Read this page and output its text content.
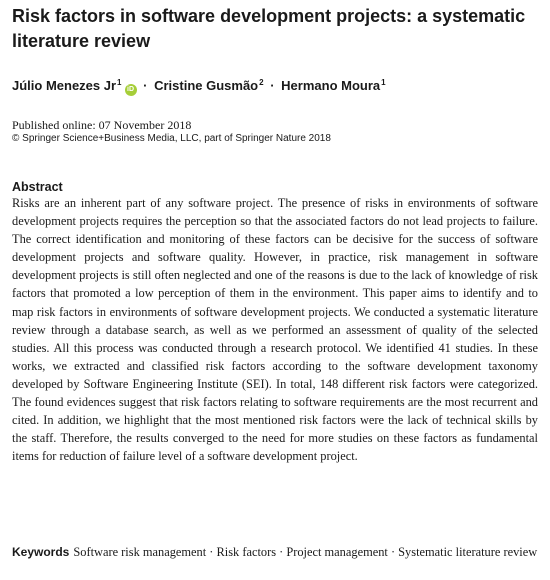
Risk factors in software development projects: a systematic literature review
Júlio Menezes $Jr^1iD$ · Cristine Gusmão$^2$ · Hermano Moura$^1$
Published online: 07 November 2018
© Springer Science+Business Media, LLC, part of Springer Nature 2018
Abstract

Risks are an inherent part of any software project. The presence of risks in environments of software development projects requires the perception so that the associated factors do not lead projects to failure. The correct identification and monitoring of these factors can be decisive for the success of software development projects and software quality. However, in practice, risk management in software development projects is still often neglected and one of the reasons is due to the lack of knowledge of risk factors that promoted a low perception of them in the environment. This paper aims to identify and to map risk factors in environments of software development projects. We conducted a systematic literature review through a database search, as well as we performed an assessment of quality of the selected studies. All this process was conducted through a research protocol. We identified 41 studies. In these works, we extracted and classified risk factors according to the software development taxonomy developed by Software Engineering Institute (SEI). In total, 148 different risk factors were categorized. The found evidences suggest that risk factors relating to software requirements are the most recurrent and cited. In addition, we highlight that the most mentioned risk factors were the lack of technical skills by the staff. Therefore, the results converged to the need for more studies on these factors as fundamental items for reduction of failure level of a software development project.

Keywords Software risk management · Risk factors · Project management · Systematic literature review
